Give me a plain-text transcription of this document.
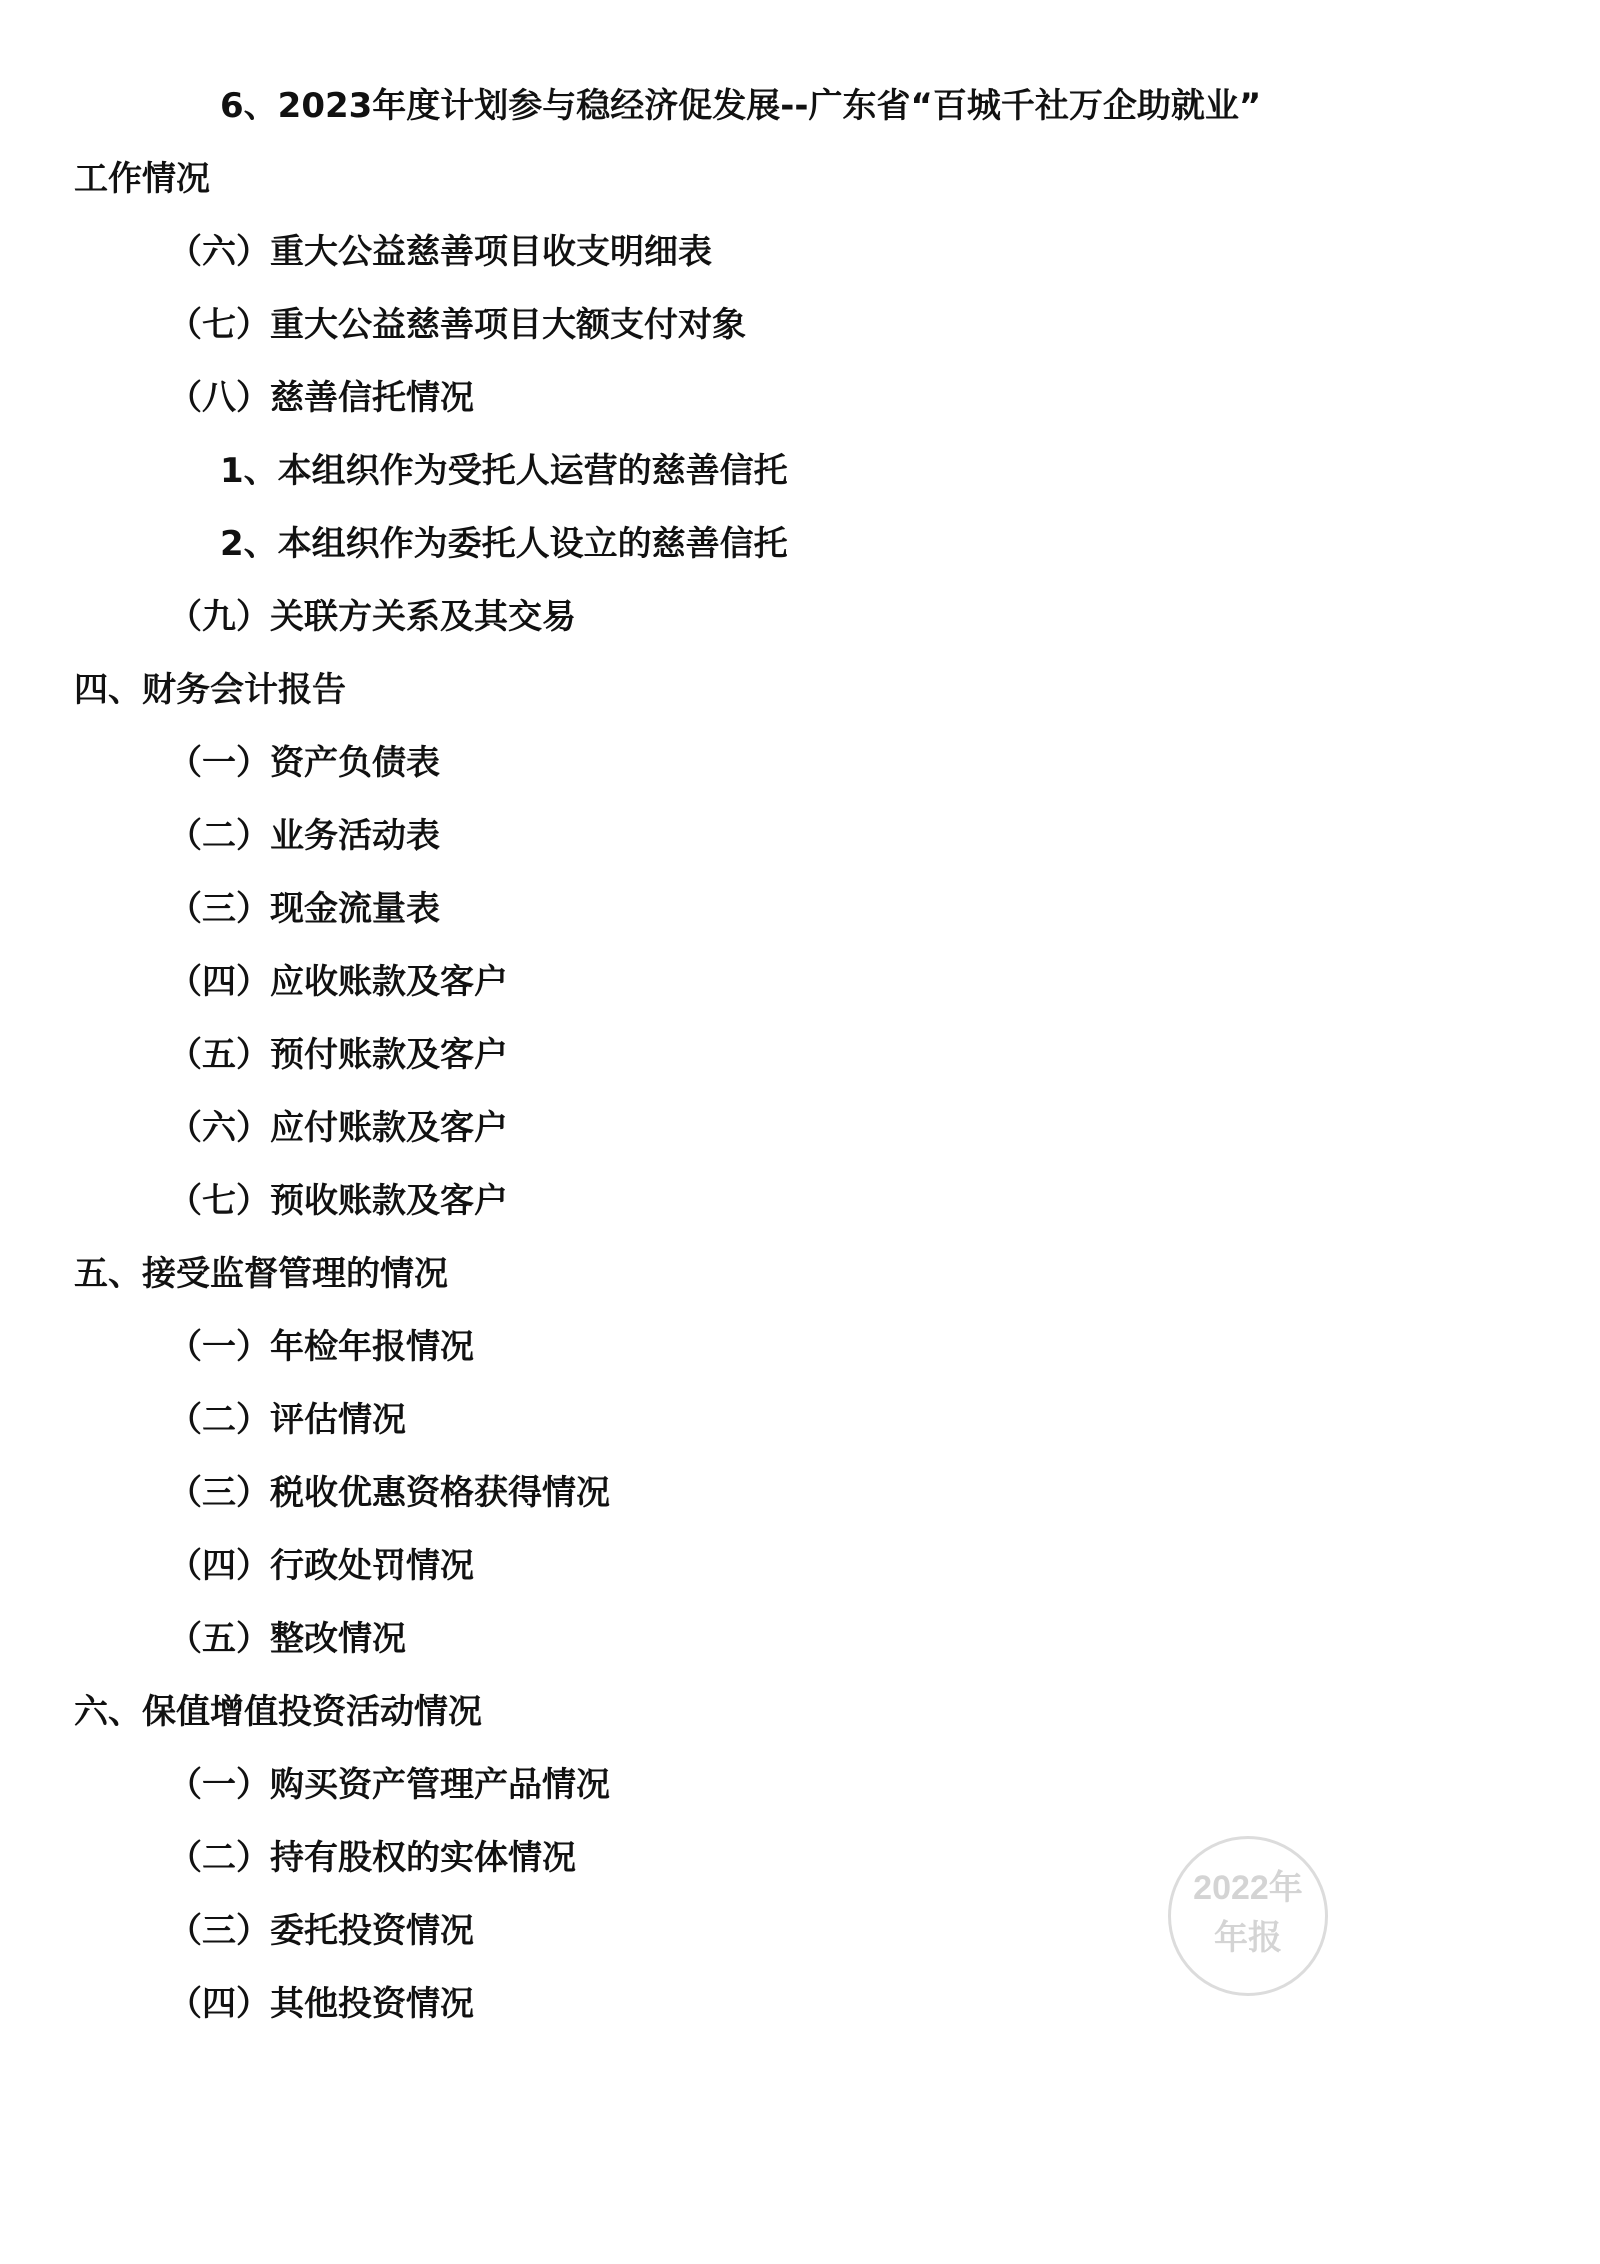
6、2023年度计划参与稳经济促发展--广东省“百城千社万企助就业”
工作情况
（六）重大公益慈善项目收支明细表
（七）重大公益慈善项目大额支付对象
（八）慈善信托情况
1、本组织作为受托人运营的慈善信托
2、本组织作为委托人设立的慈善信托
（九）关联方关系及其交易
四、财务会计报告
（一）资产负债表
（二）业务活动表
（三）现金流量表
（四）应收账款及客户
（五）预付账款及客户
（六）应付账款及客户
（七）预收账款及客户
五、接受监督管理的情况
（一）年检年报情况
（二）评估情况
（三）税收优惠资格获得情况
（四）行政处罚情况
（五）整改情况
六、保值增值投资活动情况
（一）购买资产管理产品情况
（二）持有股权的实体情况
（三）委托投资情况
（四）其他投资情况
2022年
年报
